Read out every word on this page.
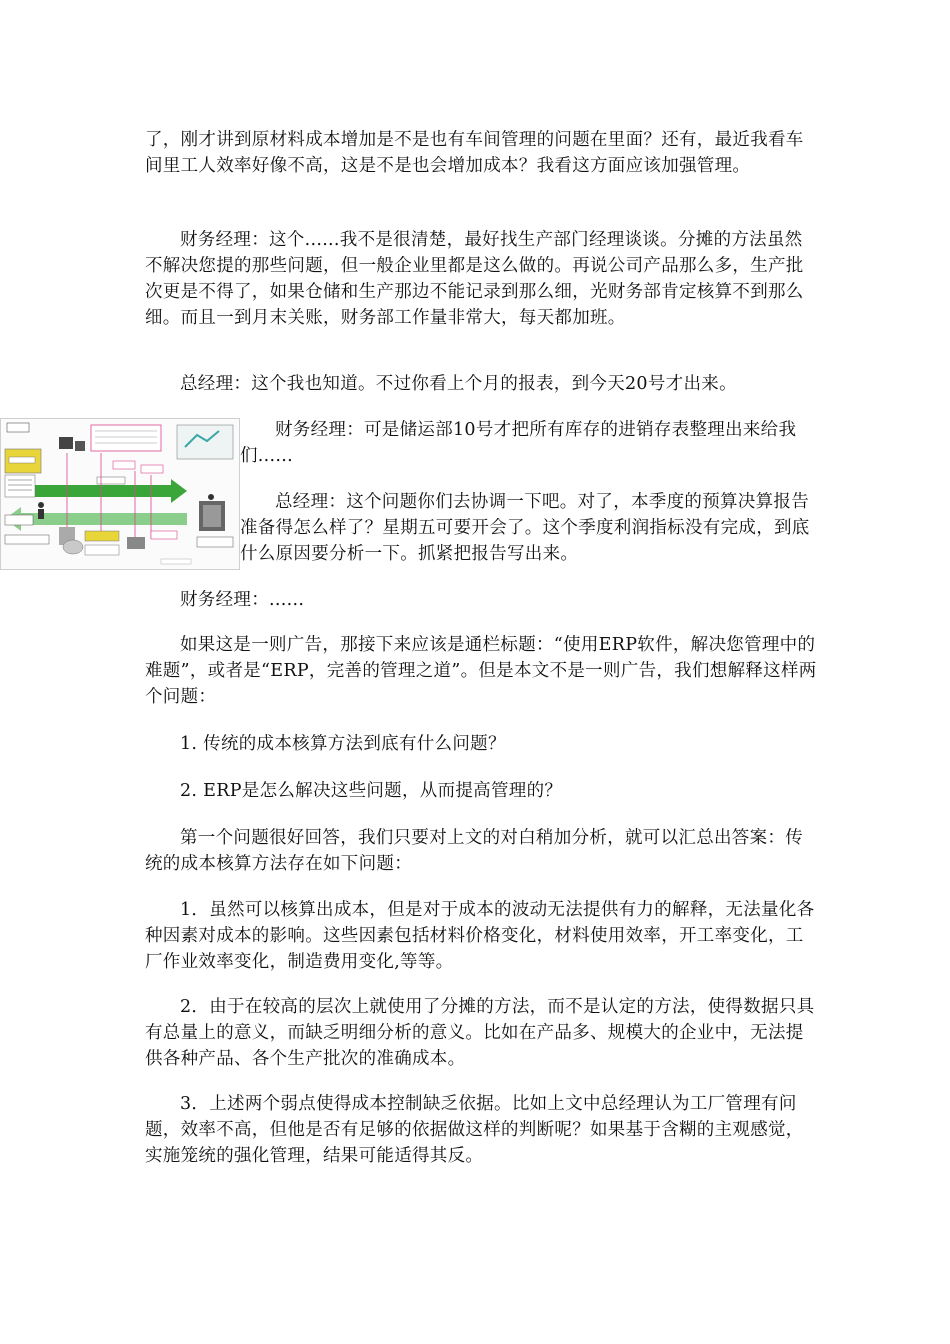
了，刚才讲到原材料成本增加是不是也有车间管理的问题在里面？还有，最近我看车间里工人效率好像不高，这是不是也会增加成本？我看这方面应该加强管理。

财务经理：这个......我不是很清楚，最好找生产部门经理谈谈。分摊的方法虽然不解决您提的那些问题，但一般企业里都是这么做的。再说公司产品那么多，生产批次更是不得了，如果仓储和生产那边不能记录到那么细，光财务部肯定核算不到那么细。而且一到月末关账，财务部工作量非常大，每天都加班。

总经理：这个我也知道。不过你看上个月的报表，到今天20号才出来。

财务经理：可是储运部10号才把所有库存的进销存表整理出来给我们......

总经理：这个问题你们去协调一下吧。对了，本季度的预算决算报告准备得怎么样了？星期五可要开会了。这个季度利润指标没有完成，到底什么原因要分析一下。抓紧把报告写出来。

财务经理：......

如果这是一则广告，那接下来应该是通栏标题：“使用ERP软件，解决您管理中的难题”，或者是“ERP，完善的管理之道”。但是本文不是一则广告，我们想解释这样两个问题：

1. 传统的成本核算方法到底有什么问题？

2. ERP是怎么解决这些问题，从而提高管理的？

第一个问题很好回答，我们只要对上文的对白稍加分析，就可以汇总出答案：传统的成本核算方法存在如下问题：

1．虽然可以核算出成本，但是对于成本的波动无法提供有力的解释，无法量化各种因素对成本的影响。这些因素包括材料价格变化，材料使用效率，开工率变化，工厂作业效率变化，制造费用变化,等等。

2．由于在较高的层次上就使用了分摊的方法，而不是认定的方法，使得数据只具有总量上的意义，而缺乏明细分析的意义。比如在产品多、规模大的企业中，无法提供各种产品、各个生产批次的准确成本。

3．上述两个弱点使得成本控制缺乏依据。比如上文中总经理认为工厂管理有问题，效率不高，但他是否有足够的依据做这样的判断呢？如果基于含糊的主观感觉，实施笼统的强化管理，结果可能适得其反。
